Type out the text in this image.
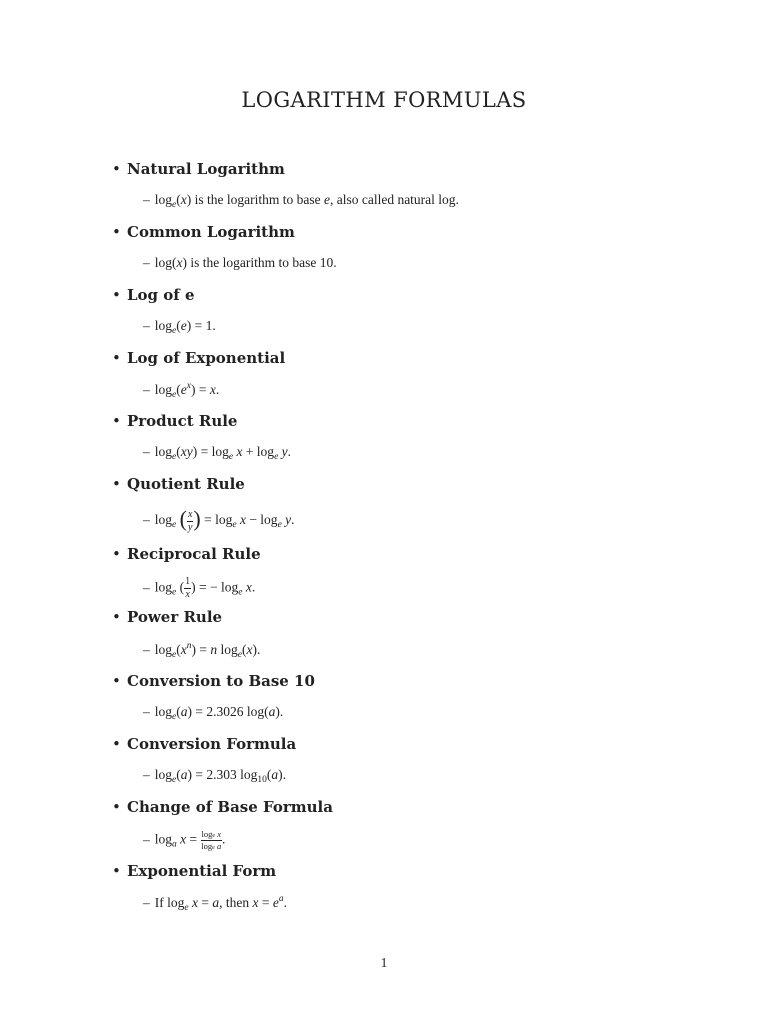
LOGARITHM FORMULAS
• Natural Logarithm
– $\log_e(x)$ is the logarithm to base e, also called natural log.
• Common Logarithm
– log(x) is the logarithm to base 10.
• Log of e
– $\log_e(e) = 1$.
• Log of Exponential
– $\log_e(e^x) = x$.
• Product Rule
– $\log_e(xy) = \log_e x + \log_e y$.
• Quotient Rule
– $\log_e$ ( $\frac{x}{y}$ ) = $\log_e x - \log_e y$.
• Reciprocal Rule
– $\log_e$ ( $\frac{1}{x}$ ) = − $\log_e x$.
• Power Rule
– $\log_e(x^n) = n$ $\log_e(x)$.
• Conversion to Base 10
– $\log_e(a) = 2.3026$ log(a).
• Conversion Formula
– $\log_e(a) = 2.303$ $\log_{10}(a)$.
• Change of Base Formula
– $\log_a x = \frac{\text{loge x}}{\text{loge a}}$ .
• Exponential Form
– If $\log_e x = a$, then $x = e^a$.
1
